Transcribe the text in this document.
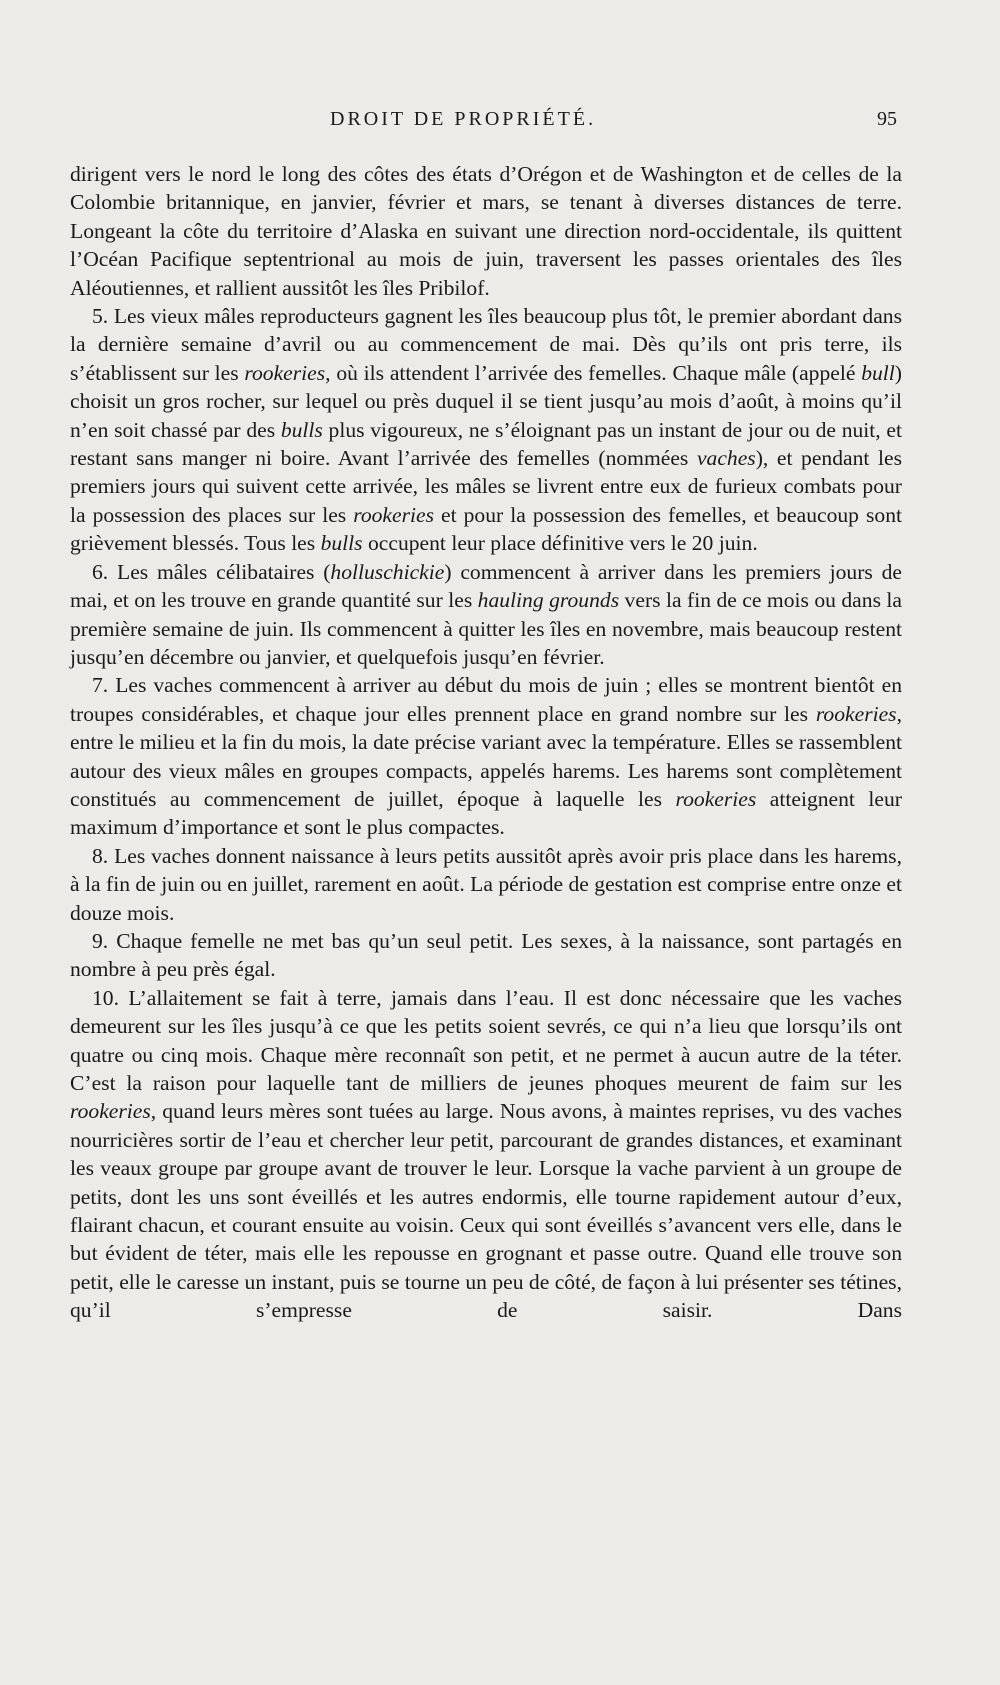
DROIT DE PROPRIÉTÉ.	95

dirigent vers le nord le long des côtes des états d’Orégon et de Washington et de celles de la Colombie britannique, en janvier, février et mars, se tenant à diverses distances de terre. Longeant la côte du territoire d’Alaska en suivant une direction nord-occidentale, ils quittent l’Océan Pacifique septentrional au mois de juin, traversent les passes orientales des îles Aléoutiennes, et rallient aussitôt les îles Pribilof.

5. Les vieux mâles reproducteurs gagnent les îles beaucoup plus tôt, le premier abordant dans la dernière semaine d’avril ou au commencement de mai. Dès qu’ils ont pris terre, ils s’établissent sur les rookeries, où ils attendent l’arrivée des femelles. Chaque mâle (appelé bull) choisit un gros rocher, sur lequel ou près duquel il se tient jusqu’au mois d’août, à moins qu’il n’en soit chassé par des bulls plus vigoureux, ne s’éloignant pas un instant de jour ou de nuit, et restant sans manger ni boire. Avant l’arrivée des femelles (nommées vaches), et pendant les premiers jours qui suivent cette arrivée, les mâles se livrent entre eux de furieux combats pour la possession des places sur les rookeries et pour la possession des femelles, et beaucoup sont grièvement blessés. Tous les bulls occupent leur place définitive vers le 20 juin.

6. Les mâles célibataires (holluschickie) commencent à arriver dans les premiers jours de mai, et on les trouve en grande quantité sur les hauling grounds vers la fin de ce mois ou dans la première semaine de juin. Ils commencent à quitter les îles en novembre, mais beaucoup restent jusqu’en décembre ou janvier, et quelquefois jusqu’en février.

7. Les vaches commencent à arriver au début du mois de juin ; elles se montrent bientôt en troupes considérables, et chaque jour elles prennent place en grand nombre sur les rookeries, entre le milieu et la fin du mois, la date précise variant avec la température. Elles se rassemblent autour des vieux mâles en groupes compacts, appelés harems. Les harems sont complètement constitués au commencement de juillet, époque à laquelle les rookeries atteignent leur maximum d’importance et sont le plus compactes.

8. Les vaches donnent naissance à leurs petits aussitôt après avoir pris place dans les harems, à la fin de juin ou en juillet, rarement en août. La période de gestation est comprise entre onze et douze mois.

9. Chaque femelle ne met bas qu’un seul petit. Les sexes, à la naissance, sont partagés en nombre à peu près égal.

10. L’allaitement se fait à terre, jamais dans l’eau. Il est donc nécessaire que les vaches demeurent sur les îles jusqu’à ce que les petits soient sevrés, ce qui n’a lieu que lorsqu’ils ont quatre ou cinq mois. Chaque mère reconnaît son petit, et ne permet à aucun autre de la téter. C’est la raison pour laquelle tant de milliers de jeunes phoques meurent de faim sur les rookeries, quand leurs mères sont tuées au large. Nous avons, à maintes reprises, vu des vaches nourricières sortir de l’eau et chercher leur petit, parcourant de grandes distances, et examinant les veaux groupe par groupe avant de trouver le leur. Lorsque la vache parvient à un groupe de petits, dont les uns sont éveillés et les autres endormis, elle tourne rapidement autour d’eux, flairant chacun, et courant ensuite au voisin. Ceux qui sont éveillés s’avancent vers elle, dans le but évident de téter, mais elle les repousse en grognant et passe outre. Quand elle trouve son petit, elle le caresse un instant, puis se tourne un peu de côté, de façon à lui présenter ses tétines, qu’il s’empresse de saisir. Dans
